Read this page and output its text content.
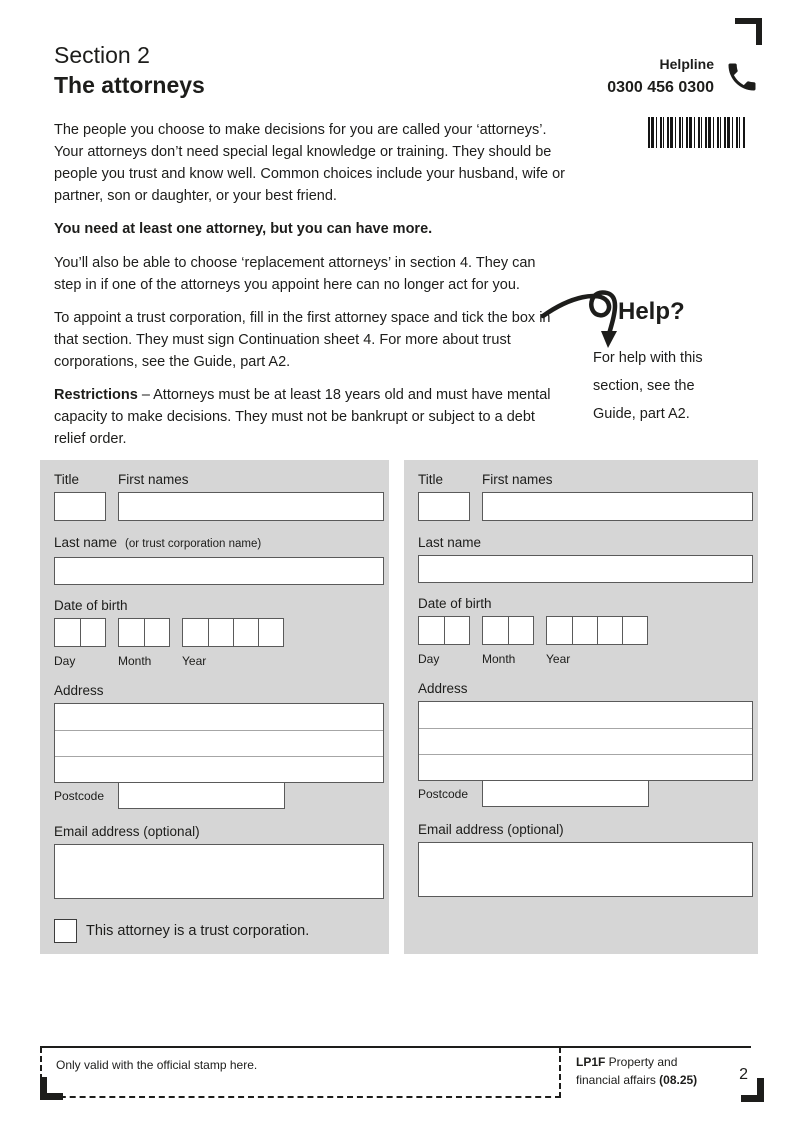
Section 2
The attorneys
Helpline
0300 456 0300

The people you choose to make decisions for you are called your ‘attorneys’. Your attorneys don’t need special legal knowledge or training. They should be people you trust and know well. Common choices include your husband, wife or partner, son or daughter, or your best friend.

You need at least one attorney, but you can have more.

You’ll also be able to choose ‘replacement attorneys’ in section 4. They can step in if one of the attorneys you appoint here can no longer act for you.

To appoint a trust corporation, fill in the first attorney space and tick the box in that section. They must sign Continuation sheet 4. For more about trust corporations, see the Guide, part A2.

Restrictions – Attorneys must be at least 18 years old and must have mental capacity to make decisions. They must not be bankrupt or subject to a debt relief order.

Help?
For help with this section, see the Guide, part A2.
Title	First names
Last name (or trust corporation name)
Date of birth
Day	Month	Year
Address
Postcode
Email address (optional)
This attorney is a trust corporation.
Title	First names
Last name
Date of birth
Day	Month	Year
Address
Postcode
Email address (optional)
Only valid with the official stamp here.	LP1F Property and
financial affairs (08.25)	2
